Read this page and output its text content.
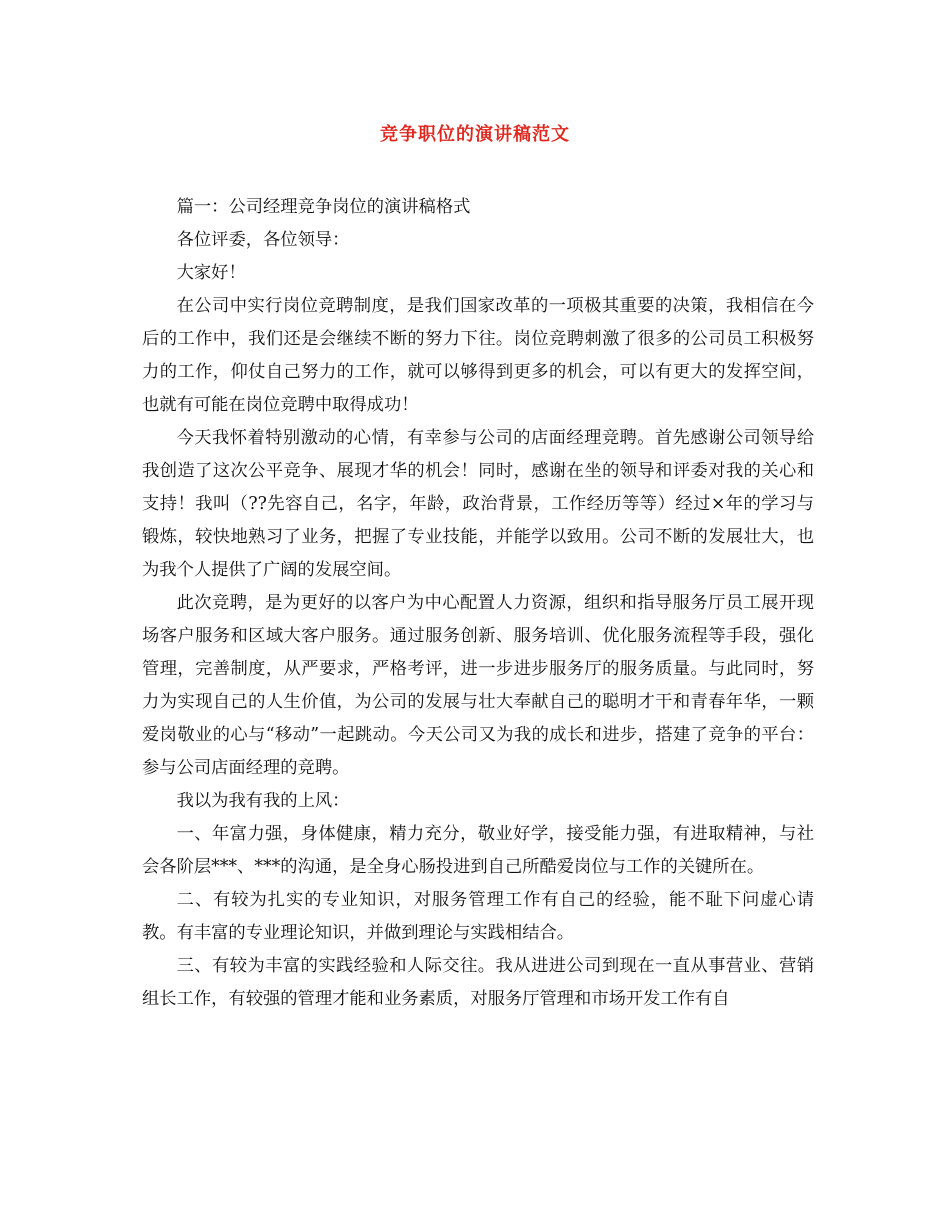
竞争职位的演讲稿范文

篇一：公司经理竞争岗位的演讲稿格式

各位评委，各位领导：

大家好！

在公司中实行岗位竞聘制度，是我们国家改革的一项极其重要的决策，我相信在今后的工作中，我们还是会继续不断的努力下往。岗位竞聘刺激了很多的公司员工积极努力的工作，仰仗自己努力的工作，就可以够得到更多的机会，可以有更大的发挥空间，也就有可能在岗位竞聘中取得成功！

今天我怀着特别激动的心情，有幸参与公司的店面经理竞聘。首先感谢公司领导给我创造了这次公平竞争、展现才华的机会！同时，感谢在坐的领导和评委对我的关心和支持！我叫（??先容自己，名字，年龄，政治背景，工作经历等等）经过×年的学习与锻炼，较快地熟习了业务，把握了专业技能，并能学以致用。公司不断的发展壮大，也为我个人提供了广阔的发展空间。

此次竞聘，是为更好的以客户为中心配置人力资源，组织和指导服务厅员工展开现场客户服务和区域大客户服务。通过服务创新、服务培训、优化服务流程等手段，强化管理，完善制度，从严要求，严格考评，进一步进步服务厅的服务质量。与此同时，努力为实现自己的人生价值，为公司的发展与壮大奉献自己的聪明才干和青春年华，一颗爱岗敬业的心与“移动”一起跳动。今天公司又为我的成长和进步，搭建了竞争的平台：参与公司店面经理的竞聘。

我以为我有我的上风：

一、年富力强，身体健康，精力充分，敬业好学，接受能力强，有进取精神，与社会各阶层***、***的沟通，是全身心肠投进到自己所酷爱岗位与工作的关键所在。

二、有较为扎实的专业知识，对服务管理工作有自己的经验，能不耻下问虚心请教。有丰富的专业理论知识，并做到理论与实践相结合。

三、有较为丰富的实践经验和人际交往。我从进进公司到现在一直从事营业、营销组长工作，有较强的管理才能和业务素质，对服务厅管理和市场开发工作有自
